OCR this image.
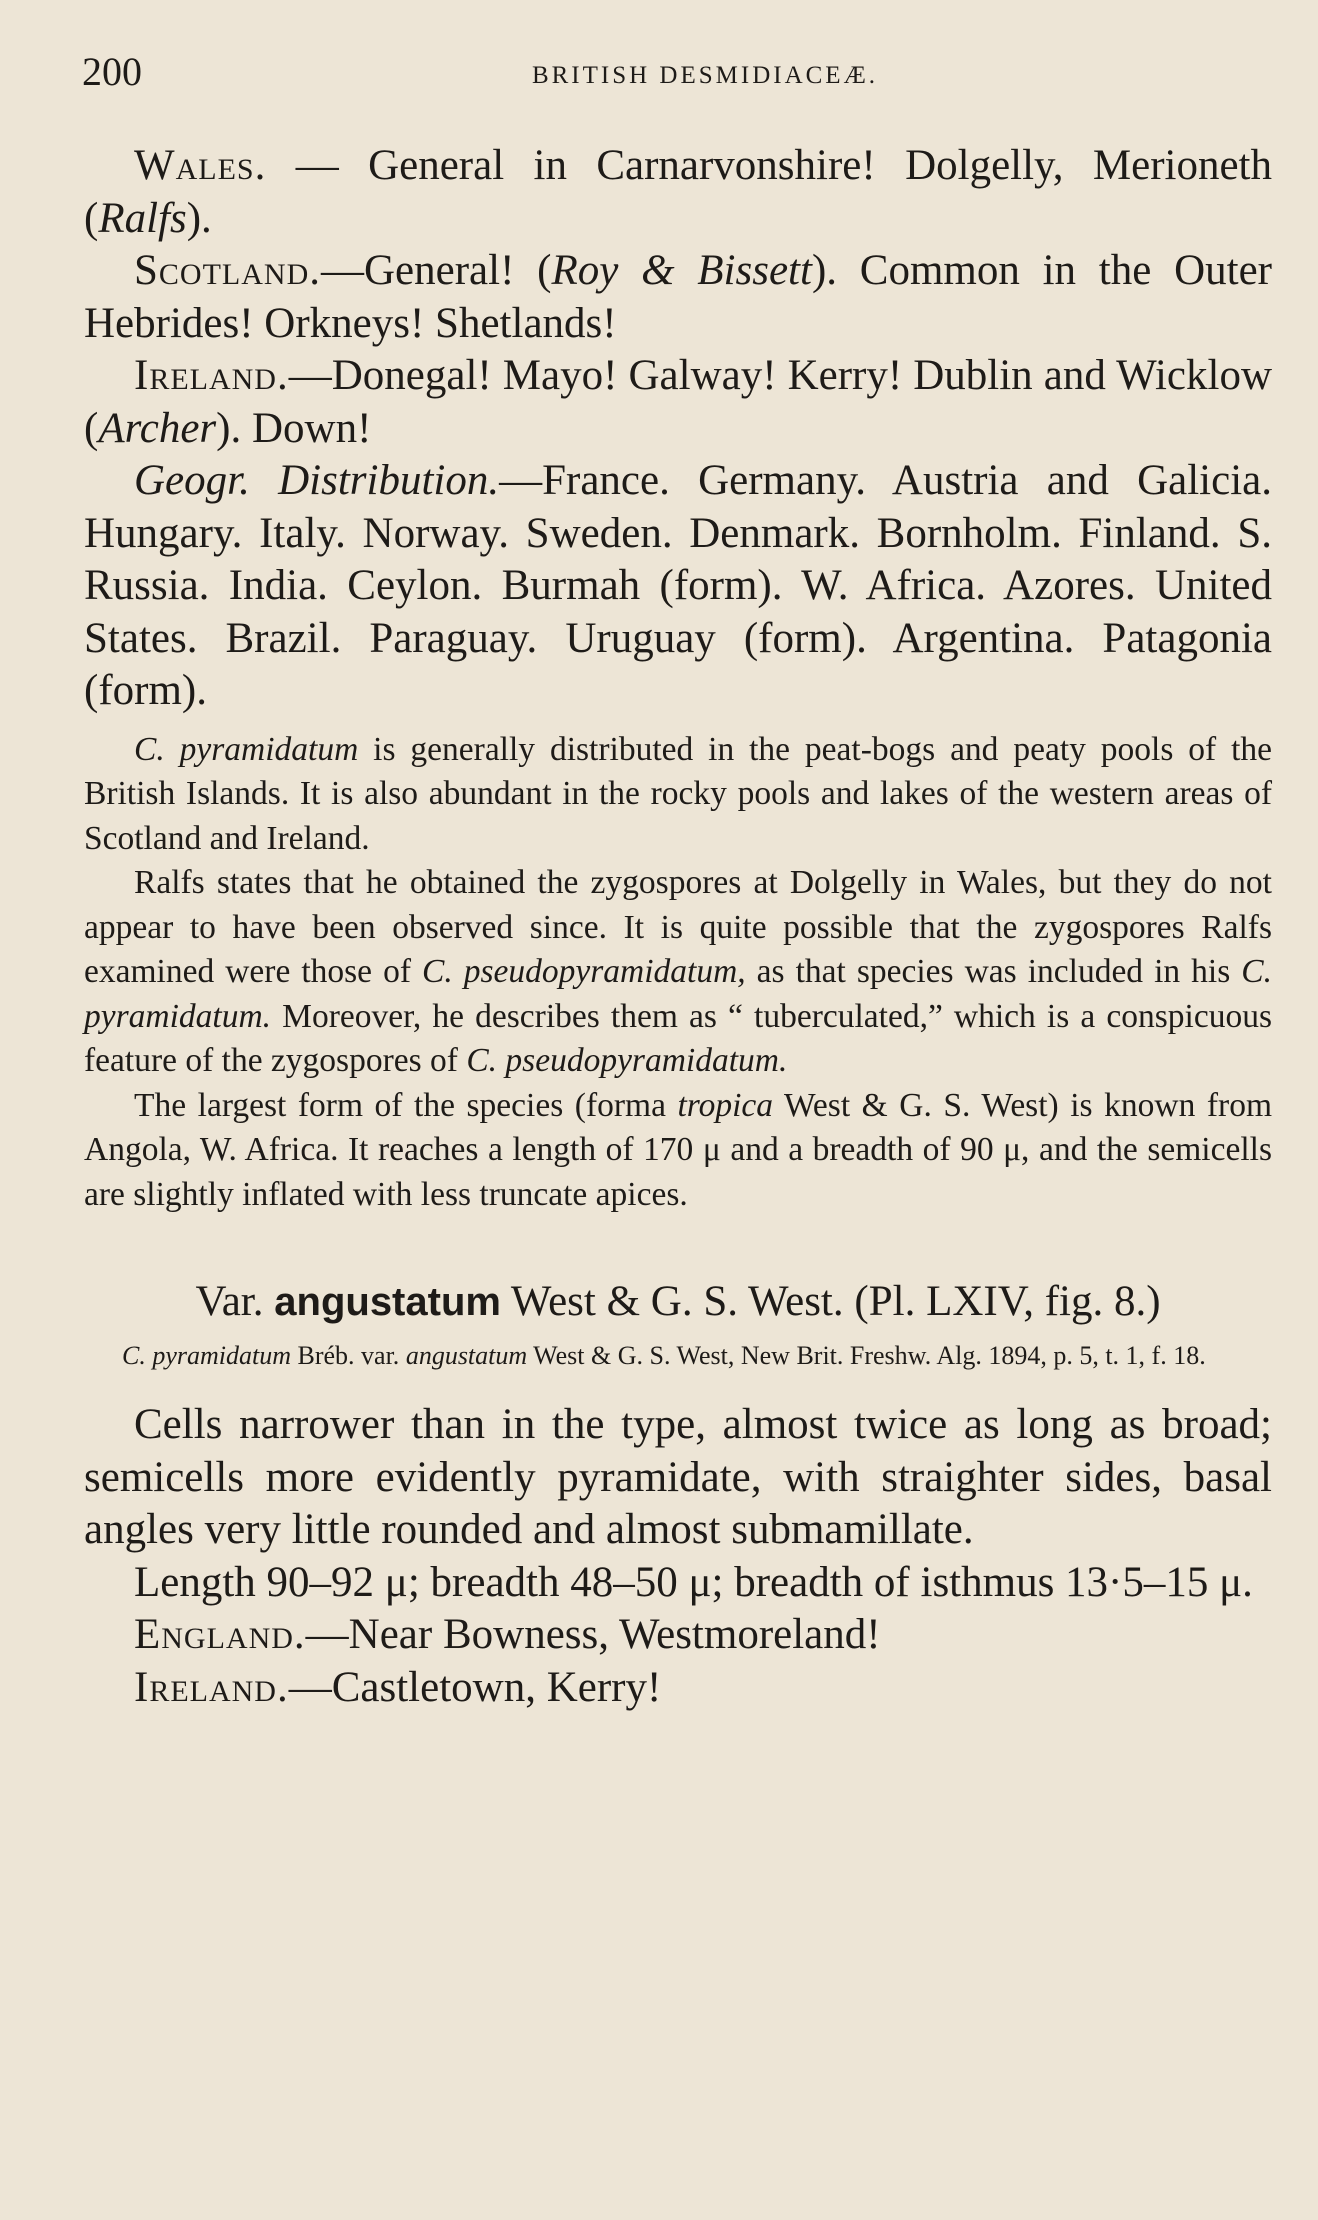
200	BRITISH DESMIDIACEÆ.

Wales. — General in Carnarvonshire! Dolgelly, Merioneth (Ralfs).

Scotland.—General! (Roy & Bissett). Common in the Outer Hebrides! Orkneys! Shetlands!

Ireland.—Donegal! Mayo! Galway! Kerry! Dublin and Wicklow (Archer). Down!

Geogr. Distribution.—France. Germany. Austria and Galicia. Hungary. Italy. Norway. Sweden. Denmark. Bornholm. Finland. S. Russia. India. Ceylon. Burmah (form). W. Africa. Azores. United States. Brazil. Paraguay. Uruguay (form). Argentina. Patagonia (form).

C. pyramidatum is generally distributed in the peat-bogs and peaty pools of the British Islands. It is also abundant in the rocky pools and lakes of the western areas of Scotland and Ireland.

Ralfs states that he obtained the zygospores at Dolgelly in Wales, but they do not appear to have been observed since. It is quite possible that the zygospores Ralfs examined were those of C. pseudopyramidatum, as that species was included in his C. pyramidatum. Moreover, he describes them as “ tuberculated,” which is a conspicuous feature of the zygospores of C. pseudopyramidatum.

The largest form of the species (forma tropica West & G. S. West) is known from Angola, W. Africa. It reaches a length of 170 μ and a breadth of 90 μ, and the semicells are slightly inflated with less truncate apices.

Var. angustatum West & G. S. West. (Pl. LXIV, fig. 8.)

C. pyramidatum Bréb. var. angustatum West & G. S. West, New Brit. Freshw. Alg. 1894, p. 5, t. 1, f. 18.

Cells narrower than in the type, almost twice as long as broad; semicells more evidently pyramidate, with straighter sides, basal angles very little rounded and almost submamillate.

Length 90–92 μ; breadth 48–50 μ; breadth of isthmus 13·5–15 μ.

England.—Near Bowness, Westmoreland!

Ireland.—Castletown, Kerry!
